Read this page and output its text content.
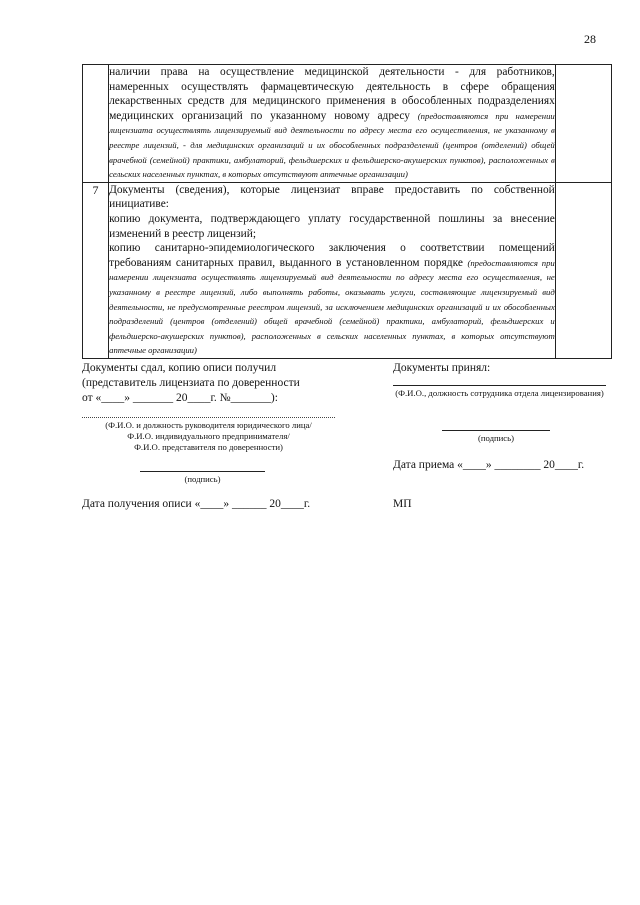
28
	наличии права на осуществление медицинской деятельности - для работников, намеренных осуществлять фармацевтическую деятельность в сфере обращения лекарственных средств для медицинского применения в обособленных подразделениях медицинских организаций по указанному новому адресу (предоставляются при намерении лицензиата осуществлять лицензируемый вид деятельности по адресу места его осуществления, не указанному в реестре лицензий, - для медицинских организаций и их обособленных подразделений (центров (отделений) общей врачебной (семейной) практики, амбулаторий, фельдшерских и фельдшерско-акушерских пунктов), расположенных в сельских населенных пунктах, в которых отсутствуют аптечные организации)	
7	Документы (сведения), которые лицензиат вправе предоставить по собственной инициативе:

копию документа, подтверждающего уплату государственной пошлины за внесение изменений в реестр лицензий;

копию санитарно-эпидемиологического заключения о соответствии помещений требованиям санитарных правил, выданного в установленном порядке (предоставляются при намерении лицензиата осуществлять лицензируемый вид деятельности по адресу места его осуществления, не указанному в реестре лицензий, либо выполнять работы, оказывать услуги, составляющие лицензируемый вид деятельности, не предусмотренные реестром лицензий, за исключением медицинских организаций и их обособленных подразделений (центров (отделений) общей врачебной (семейной) практики, амбулаторий, фельдшерских и фельдшерско-акушерских пунктов), расположенных в сельских населенных пунктах, в которых отсутствуют аптечные организации)	

Документы сдал, копию описи получил
(представитель лицензиата по доверенности
от «____» _______ 20____г. №_______):
(Ф.И.О. и должность руководителя юридического лица/
Ф.И.О. индивидуального предпринимателя/
Ф.И.О. представителя по доверенности)
(подпись)
Дата получения описи «____» ______ 20____г.
Документы принял:
(Ф.И.О., должность сотрудника отдела лицензирования)
(подпись)
Дата приема «____» ________ 20____г.
МП
